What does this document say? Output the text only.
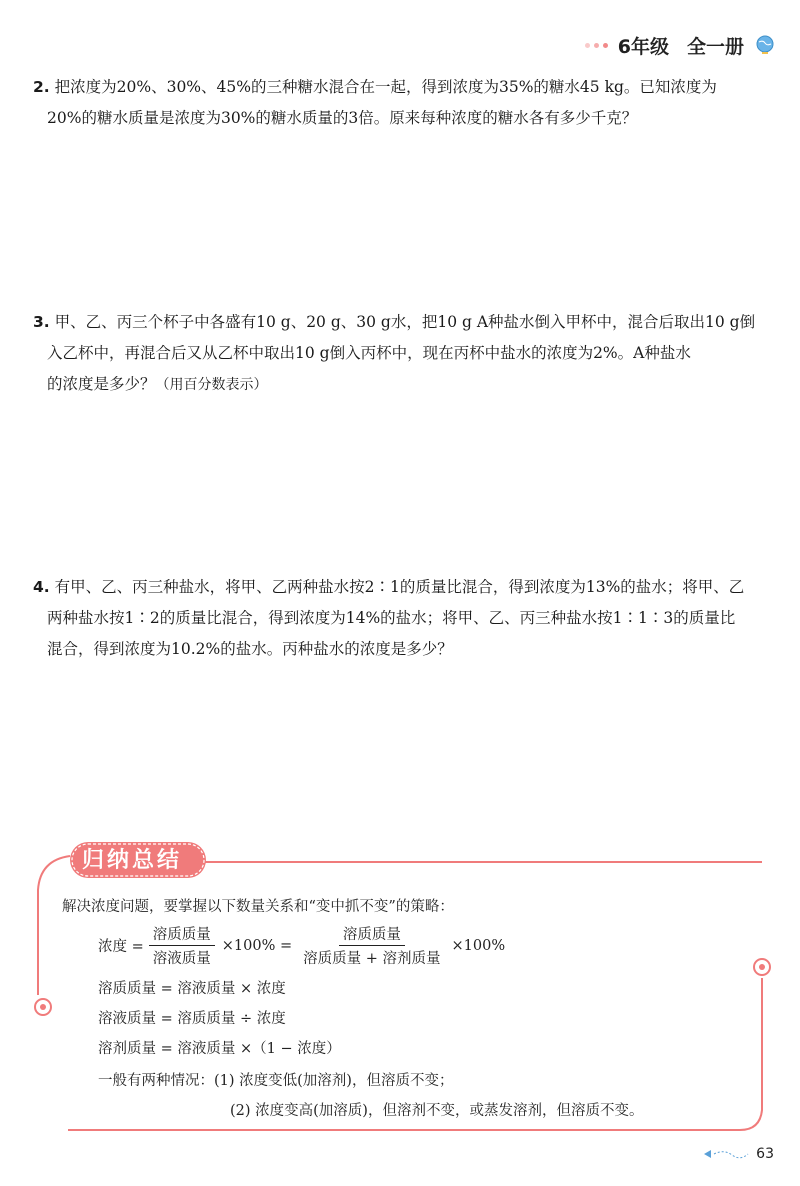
6年级 全一册
2. 把浓度为20%、30%、45%的三种糖水混合在一起，得到浓度为35%的糖水45 kg。已知浓度为
20%的糖水质量是浓度为30%的糖水质量的3倍。原来每种浓度的糖水各有多少千克？
3. 甲、乙、丙三个杯子中各盛有10 g、20 g、30 g水，把10 g A种盐水倒入甲杯中，混合后取出10 g倒
入乙杯中，再混合后又从乙杯中取出10 g倒入丙杯中，现在丙杯中盐水的浓度为2%。A种盐水
的浓度是多少？（用百分数表示）
4. 有甲、乙、丙三种盐水，将甲、乙两种盐水按2∶1的质量比混合，得到浓度为13%的盐水；将甲、乙
两种盐水按1∶2的质量比混合，得到浓度为14%的盐水；将甲、乙、丙三种盐水按1∶1∶3的质量比
混合，得到浓度为10.2%的盐水。丙种盐水的浓度是多少？
归纳总结
解决浓度问题，要掌握以下数量关系和“变中抓不变”的策略：
浓度 = $\frac{\text{溶质质量}}{\text{溶液质量}} \times 100\% = \frac{\text{溶质质量}}{\text{溶质质量 + 溶剂质量}} \times 100\%$
溶质质量 = 溶液质量 × 浓度
溶液质量 = 溶质质量 ÷ 浓度
溶剂质量 = 溶液质量 ×（1 − 浓度）
一般有两种情况：(1) 浓度变低(加溶剂)，但溶质不变；
(2) 浓度变高(加溶质)，但溶剂不变，或蒸发溶剂，但溶质不变。
63
